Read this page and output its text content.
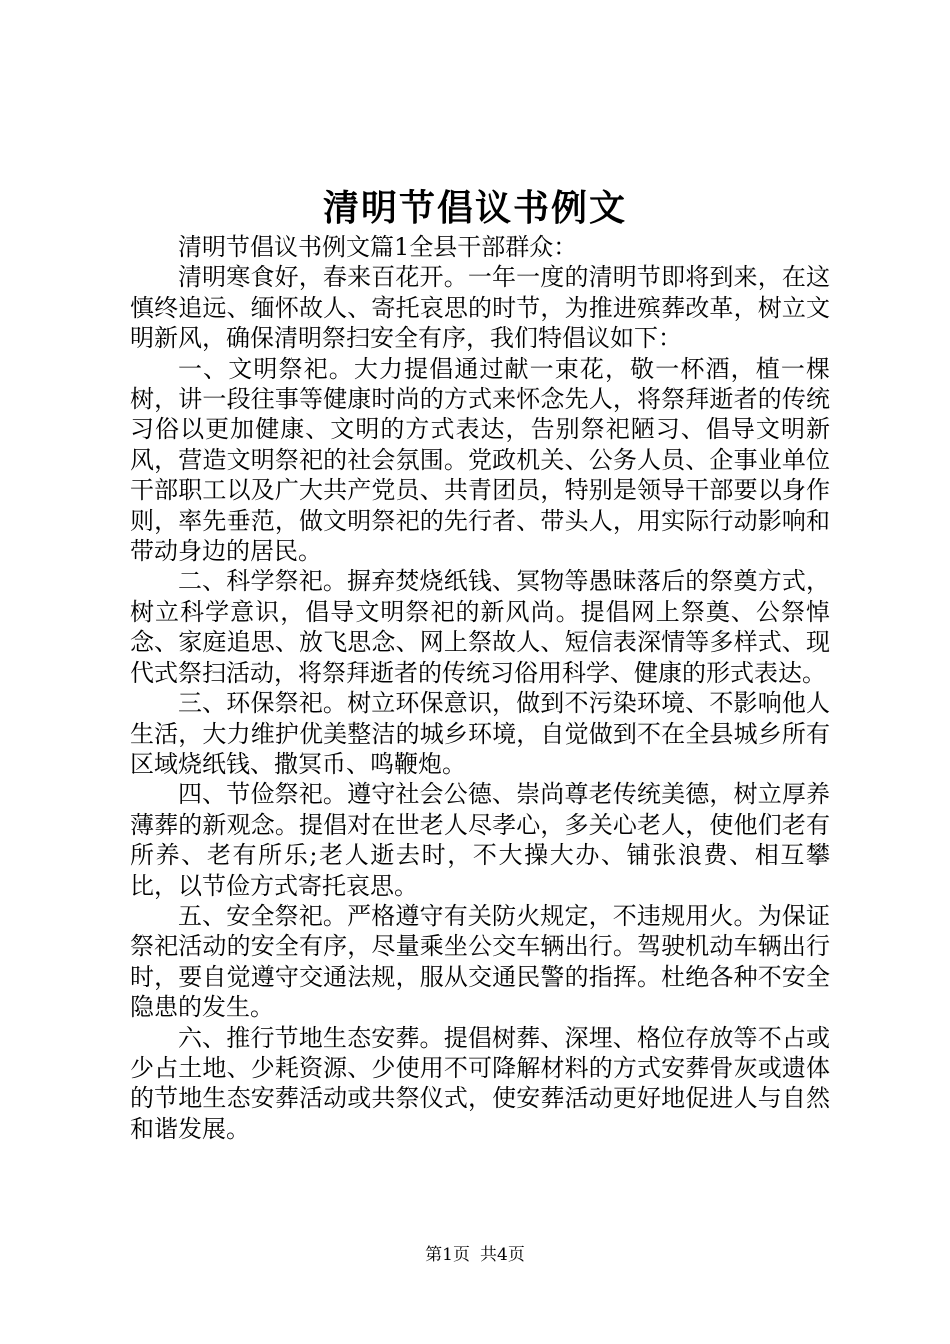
清明节倡议书例文

清明节倡议书例文篇1全县干部群众：

清明寒食好，春来百花开。一年一度的清明节即将到来，在这慎终追远、缅怀故人、寄托哀思的时节，为推进殡葬改革，树立文明新风，确保清明祭扫安全有序，我们特倡议如下：

一、文明祭祀。大力提倡通过献一束花，敬一杯酒，植一棵树，讲一段往事等健康时尚的方式来怀念先人，将祭拜逝者的传统习俗以更加健康、文明的方式表达，告别祭祀陋习、倡导文明新风，营造文明祭祀的社会氛围。党政机关、公务人员、企事业单位干部职工以及广大共产党员、共青团员，特别是领导干部要以身作则，率先垂范，做文明祭祀的先行者、带头人，用实际行动影响和带动身边的居民。

二、科学祭祀。摒弃焚烧纸钱、冥物等愚昧落后的祭奠方式，树立科学意识，倡导文明祭祀的新风尚。提倡网上祭奠、公祭悼念、家庭追思、放飞思念、网上祭故人、短信表深情等多样式、现代式祭扫活动，将祭拜逝者的传统习俗用科学、健康的形式表达。

三、环保祭祀。树立环保意识，做到不污染环境、不影响他人生活，大力维护优美整洁的城乡环境，自觉做到不在全县城乡所有区域烧纸钱、撒冥币、鸣鞭炮。

四、节俭祭祀。遵守社会公德、崇尚尊老传统美德，树立厚养薄葬的新观念。提倡对在世老人尽孝心，多关心老人，使他们老有所养、老有所乐;老人逝去时，不大操大办、铺张浪费、相互攀比，以节俭方式寄托哀思。

五、安全祭祀。严格遵守有关防火规定，不违规用火。为保证祭祀活动的安全有序，尽量乘坐公交车辆出行。驾驶机动车辆出行时，要自觉遵守交通法规，服从交通民警的指挥。杜绝各种不安全隐患的发生。

六、推行节地生态安葬。提倡树葬、深埋、格位存放等不占或少占土地、少耗资源、少使用不可降解材料的方式安葬骨灰或遗体的节地生态安葬活动或共祭仪式，使安葬活动更好地促进人与自然和谐发展。

第1页 共4页
